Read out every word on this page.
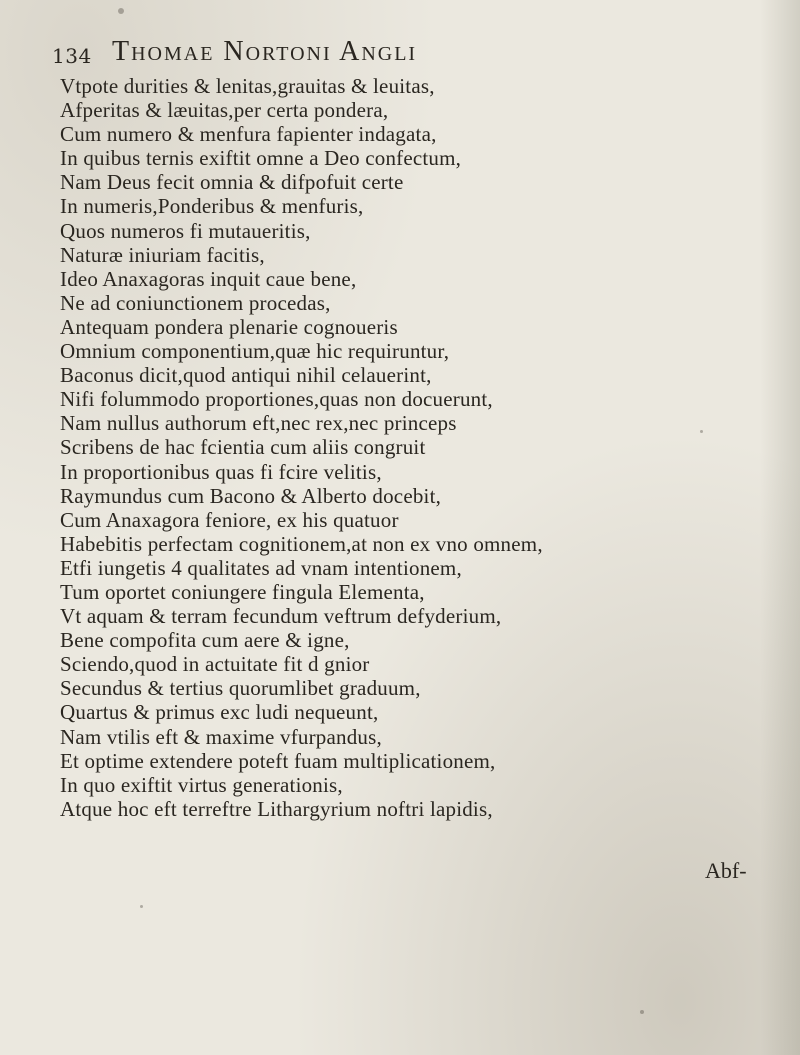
134 Thomae Nortoni Angli
Vtpote durities & lenitas,grauitas & leuitas,
Afperitas & læuitas,per certa pondera,
Cum numero & menfura fapienter indagata,
In quibus ternis exiftit omne a Deo confectum,
Nam Deus fecit omnia & difpofuit certe
In numeris,Ponderibus & menfuris,
Quos numeros fi mutaueritis,
Naturæ iniuriam facitis,
Ideo Anaxagoras inquit caue bene,
Ne ad coniunctionem procedas,
Antequam pondera plenarie cognoueris
Omnium componentium,quæ hic requiruntur,
Baconus dicit,quod antiqui nihil celauerint,
Nifi folummodo proportiones,quas non docuerunt,
Nam nullus authorum eft,nec rex,nec princeps
Scribens de hac fcientia cum aliis congruit
In proportionibus quas fi fcire velitis,
Raymundus cum Bacono & Alberto docebit,
Cum Anaxagora feniore, ex his quatuor
Habebitis perfectam cognitionem,at non ex vno omnem,
Etfi iungetis 4 qualitates ad vnam intentionem,
Tum oportet coniungere fingula Elementa,
Vt aquam & terram fecundum veftrum defyderium,
Bene compofita cum aere & igne,
Sciendo,quod in actuitate fit d gnior
Secundus & tertius quorumlibet graduum,
Quartus & primus exc ludi nequeunt,
Nam vtilis eft & maxime vfurpandus,
Et optime extendere poteft fuam multiplicationem,
In quo exiftit virtus generationis,
Atque hoc eft terreftre Lithargyrium noftri lapidis,
Abf-
